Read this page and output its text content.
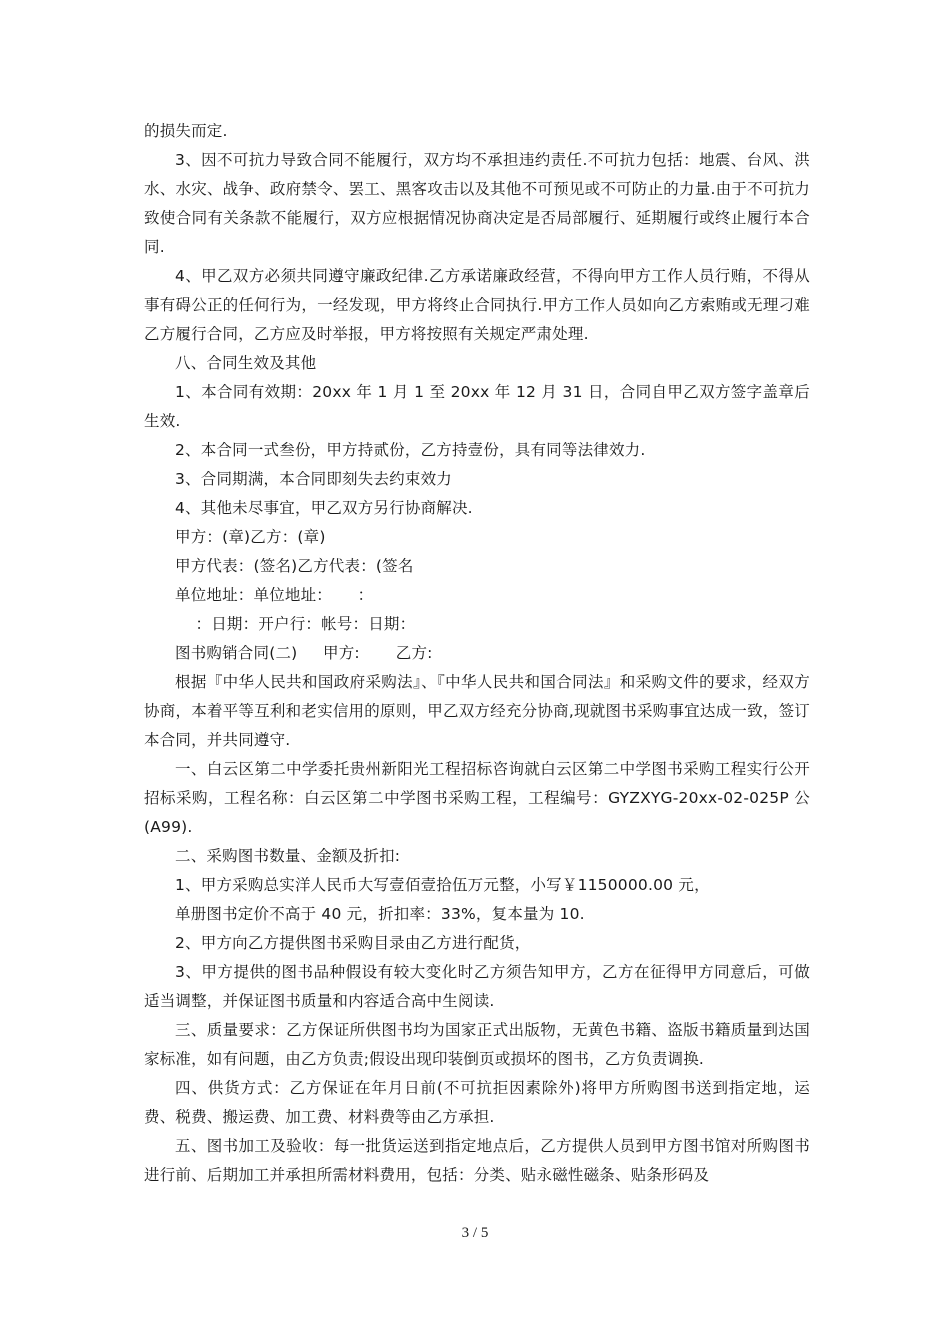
的损失而定.

3、因不可抗力导致合同不能履行，双方均不承担违约责任.不可抗力包括：地震、台风、洪水、水灾、战争、政府禁令、罢工、黑客攻击以及其他不可预见或不可防止的力量.由于不可抗力致使合同有关条款不能履行，双方应根据情况协商决定是否局部履行、延期履行或终止履行本合同.

4、甲乙双方必须共同遵守廉政纪律.乙方承诺廉政经营，不得向甲方工作人员行贿，不得从事有碍公正的任何行为，一经发现，甲方将终止合同执行.甲方工作人员如向乙方索贿或无理刁难乙方履行合同，乙方应及时举报，甲方将按照有关规定严肃处理.

八、合同生效及其他

1、本合同有效期：20xx 年 1 月 1 至 20xx 年 12 月 31 日，合同自甲乙双方签字盖章后生效.

2、本合同一式叁份，甲方持贰份，乙方持壹份，具有同等法律效力.

3、合同期满，本合同即刻失去约束效力

4、其他未尽事宜，甲乙双方另行协商解决.

甲方：(章)乙方：(章)

甲方代表：(签名)乙方代表：(签名

单位地址：单位地址：     ：

：日期：开户行：帐号：日期：

图书购销合同(二)     甲方:       乙方:

根据『中华人民共和国政府采购法』、『中华人民共和国合同法』和采购文件的要求，经双方协商，本着平等互利和老实信用的原则，甲乙双方经充分协商,现就图书采购事宜达成一致，签订本合同，并共同遵守.

一、白云区第二中学委托贵州新阳光工程招标咨询就白云区第二中学图书采购工程实行公开招标采购，工程名称：白云区第二中学图书采购工程，工程编号：GYZXYG-20xx-02-025P 公(A99).

二、采购图书数量、金额及折扣:

1、甲方采购总实洋人民币大写壹佰壹拾伍万元整，小写￥1150000.00 元，

单册图书定价不高于 40 元，折扣率：33%，复本量为 10.

2、甲方向乙方提供图书采购目录由乙方进行配货，

3、甲方提供的图书品种假设有较大变化时乙方须告知甲方，乙方在征得甲方同意后，可做适当调整，并保证图书质量和内容适合高中生阅读.

三、质量要求：乙方保证所供图书均为国家正式出版物，无黄色书籍、盗版书籍质量到达国家标准，如有问题，由乙方负责;假设出现印装倒页或损坏的图书，乙方负责调换.

四、供货方式：乙方保证在年月日前(不可抗拒因素除外)将甲方所购图书送到指定地，运费、税费、搬运费、加工费、材料费等由乙方承担.

五、图书加工及验收：每一批货运送到指定地点后，乙方提供人员到甲方图书馆对所购图书进行前、后期加工并承担所需材料费用，包括：分类、贴永磁性磁条、贴条形码及

3 / 5
